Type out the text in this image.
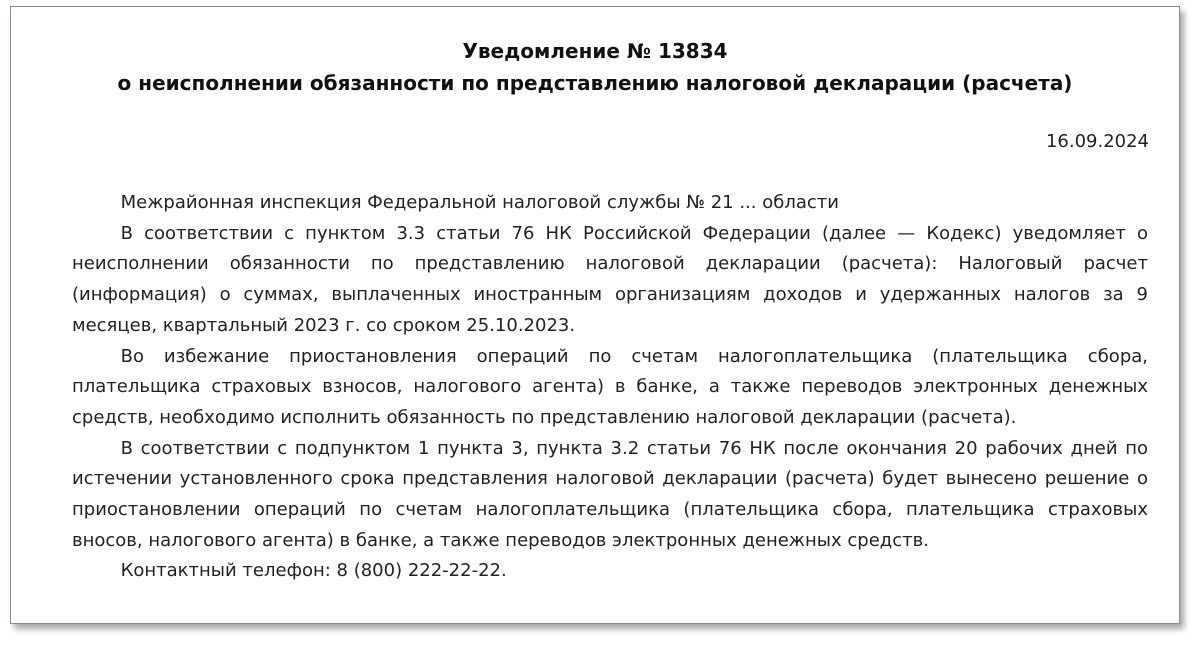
Уведомление № 13834
о неисполнении обязанности по представлению налоговой декларации (расчета)
16.09.2024

Межрайонная инспекция Федеральной налоговой службы № 21 ... области

В соответствии с пунктом 3.3 статьи 76 НК Российской Федерации (далее — Кодекс) уведомляет о неисполнении обязанности по представлению налоговой декларации (расчета): Налоговый расчет (информация) о суммах, выплаченных иностранным организациям доходов и удержанных налогов за 9 месяцев, квартальный 2023 г. со сроком 25.10.2023.

Во избежание приостановления операций по счетам налогоплательщика (плательщика сбора, плательщика страховых взносов, налогового агента) в банке, а также переводов электронных денежных средств, необходимо исполнить обязанность по представлению налоговой декларации (расчета).

В соответствии с подпунктом 1 пункта 3, пункта 3.2 статьи 76 НК после окончания 20 рабочих дней по истечении установленного срока представления налоговой декларации (расчета) будет вынесено решение о приостановлении операций по счетам налогоплательщика (плательщика сбора, плательщика страховых вносов, налогового агента) в банке, а также переводов электронных денежных средств.

Контактный телефон: 8 (800) 222-22-22.
